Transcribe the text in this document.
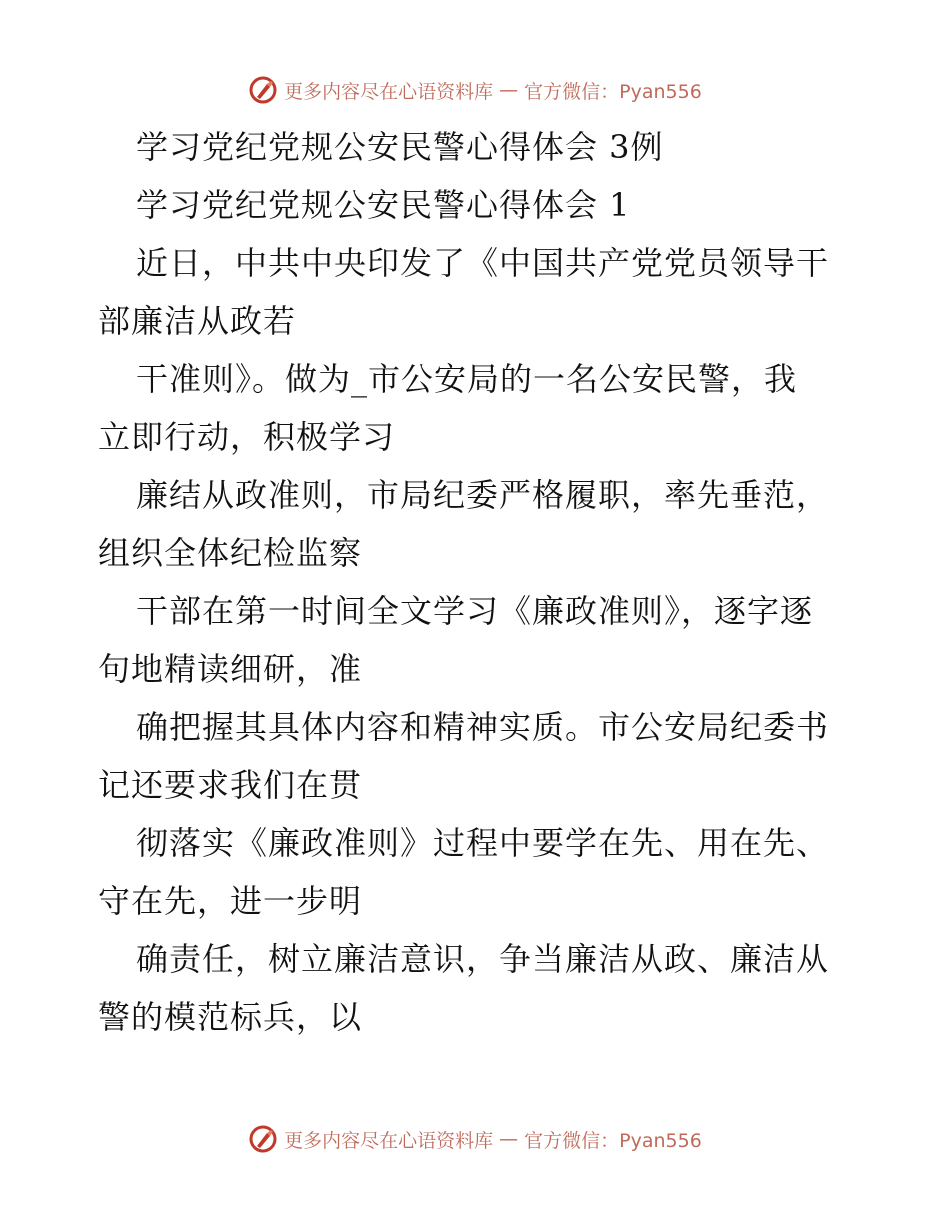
更多内容尽在心语资料库 — 官方微信：Pyan556
学习党纪党规公安民警心得体会 3例
学习党纪党规公安民警心得体会 1
近日，中共中央印发了《中国共产党党员领导干
部廉洁从政若
干准则》。做为_市公安局的一名公安民警，我
立即行动，积极学习
廉结从政准则，市局纪委严格履职，率先垂范，
组织全体纪检监察
干部在第一时间全文学习《廉政准则》，逐字逐
句地精读细研，准
确把握其具体内容和精神实质。市公安局纪委书
记还要求我们在贯
彻落实《廉政准则》过程中要学在先、用在先、
守在先，进一步明
确责任，树立廉洁意识，争当廉洁从政、廉洁从
警的模范标兵，以
更多内容尽在心语资料库 — 官方微信：Pyan556
